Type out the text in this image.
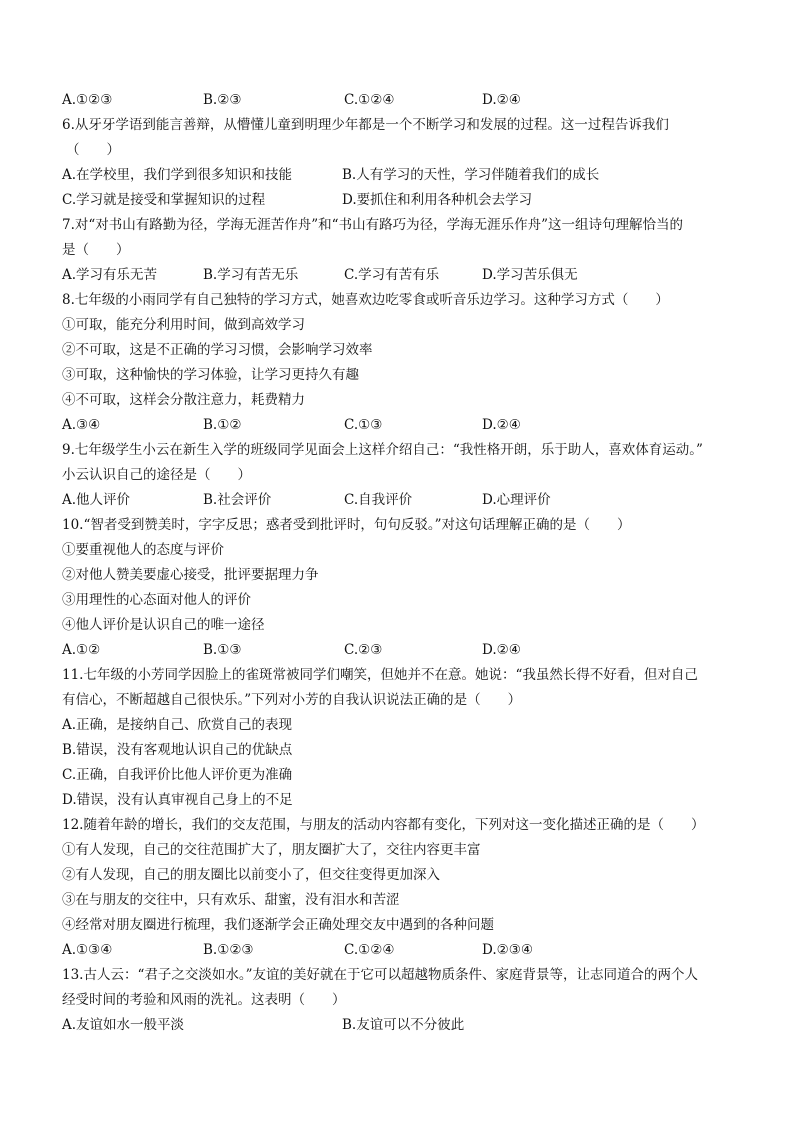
A.①②③	B.②③	C.①②④	D.②④
6.从牙牙学语到能言善辩，从懵懂儿童到明理少年都是一个不断学习和发展的过程。这一过程告诉我们
（　　）
A.在学校里，我们学到很多知识和技能	B.人有学习的天性，学习伴随着我们的成长
C.学习就是接受和掌握知识的过程	D.要抓住和利用各种机会去学习
7.对“对书山有路勤为径，学海无涯苦作舟”和“书山有路巧为径，学海无涯乐作舟”这一组诗句理解恰当的
是（　　）
A.学习有乐无苦	B.学习有苦无乐	C.学习有苦有乐	D.学习苦乐俱无
8.七年级的小雨同学有自己独特的学习方式，她喜欢边吃零食或听音乐边学习。这种学习方式（　　）
①可取，能充分利用时间，做到高效学习
②不可取，这是不正确的学习习惯，会影响学习效率
③可取，这种愉快的学习体验，让学习更持久有趣
④不可取，这样会分散注意力，耗费精力
A.③④	B.①②	C.①③	D.②④
9.七年级学生小云在新生入学的班级同学见面会上这样介绍自己：“我性格开朗，乐于助人，喜欢体育运动。”
小云认识自己的途径是（　　）
A.他人评价	B.社会评价	C.自我评价	D.心理评价
10.“智者受到赞美时，字字反思；惑者受到批评时，句句反驳。”对这句话理解正确的是（　　）
①要重视他人的态度与评价
②对他人赞美要虚心接受，批评要据理力争
③用理性的心态面对他人的评价
④他人评价是认识自己的唯一途径
A.①②	B.①③	C.②③	D.②④
11.七年级的小芳同学因脸上的雀斑常被同学们嘲笑，但她并不在意。她说：“我虽然长得不好看，但对自己
有信心，不断超越自己很快乐。”下列对小芳的自我认识说法正确的是（　　）
A.正确，是接纳自己、欣赏自己的表现
B.错误，没有客观地认识自己的优缺点
C.正确，自我评价比他人评价更为准确
D.错误，没有认真审视自己身上的不足
12.随着年龄的增长，我们的交友范围，与朋友的活动内容都有变化，下列对这一变化描述正确的是（　　）
①有人发现，自己的交往范围扩大了，朋友圈扩大了，交往内容更丰富
②有人发现，自己的朋友圈比以前变小了，但交往变得更加深入
③在与朋友的交往中，只有欢乐、甜蜜，没有泪水和苦涩
④经常对朋友圈进行梳理，我们逐渐学会正确处理交友中遇到的各种问题
A.①③④	B.①②③	C.①②④	D.②③④
13.古人云：“君子之交淡如水。”友谊的美好就在于它可以超越物质条件、家庭背景等，让志同道合的两个人
经受时间的考验和风雨的洗礼。这表明（　　）
A.友谊如水一般平淡	B.友谊可以不分彼此
